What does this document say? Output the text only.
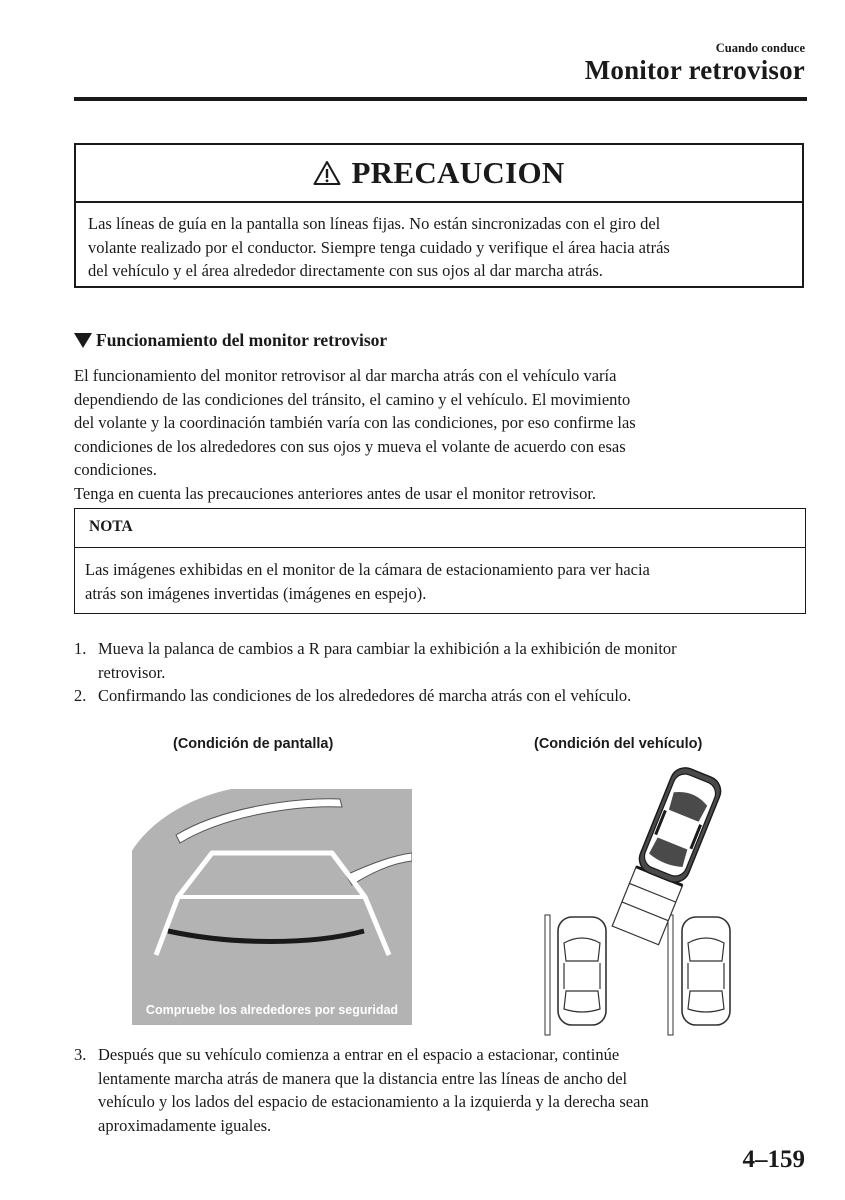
Cuando conduce
Monitor retrovisor
PRECAUCION
Las líneas de guía en la pantalla son líneas fijas. No están sincronizadas con el giro del
volante realizado por el conductor. Siempre tenga cuidado y verifique el área hacia atrás
del vehículo y el área alrededor directamente con sus ojos al dar marcha atrás.
Funcionamiento del monitor retrovisor
El funcionamiento del monitor retrovisor al dar marcha atrás con el vehículo varía
dependiendo de las condiciones del tránsito, el camino y el vehículo. El movimiento
del volante y la coordinación también varía con las condiciones, por eso confirme las
condiciones de los alrededores con sus ojos y mueva el volante de acuerdo con esas
condiciones.
Tenga en cuenta las precauciones anteriores antes de usar el monitor retrovisor.
NOTA
Las imágenes exhibidas en el monitor de la cámara de estacionamiento para ver hacia
atrás son imágenes invertidas (imágenes en espejo).
1. Mueva la palanca de cambios a R para cambiar la exhibición a la exhibición de monitor
retrovisor.
2. Confirmando las condiciones de los alrededores dé marcha atrás con el vehículo.
(Condición de pantalla)	(Condición del vehículo)
Compruebe los alrededores por seguridad
3. Después que su vehículo comienza a entrar en el espacio a estacionar, continúe
lentamente marcha atrás de manera que la distancia entre las líneas de ancho del
vehículo y los lados del espacio de estacionamiento a la izquierda y la derecha sean
aproximadamente iguales.
4–159
